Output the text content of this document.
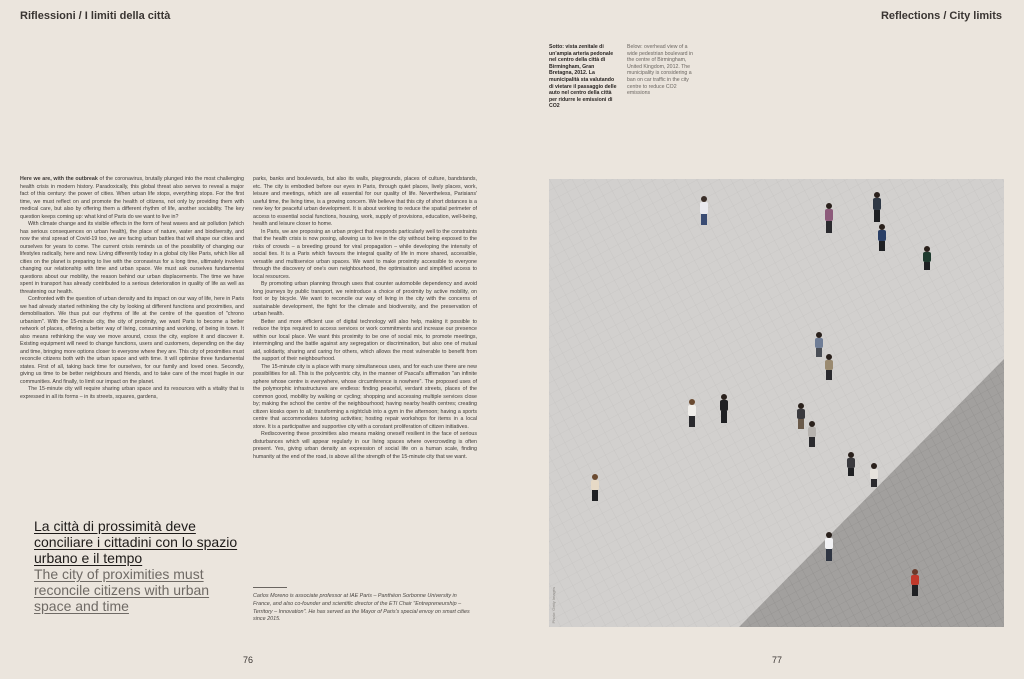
Riflessioni / I limiti della città	Reflections / City limits
Sotto: vista zenitale di un'ampia arteria pedonale nel centro della città di Birmingham, Gran Bretagna, 2012. La municipalità sta valutando di vietare il passaggio delle auto nel centro della città per ridurre le emissioni di CO2
Below: overhead view of a wide pedestrian boulevard in the centre of Birmingham, United Kingdom, 2012. The municipality is considering a ban on car traffic in the city centre to reduce CO2 emissions

Here we are, with the outbreak of the coronavirus, brutally plunged into the most challenging health crisis in modern history. Paradoxically, this global threat also serves to reveal a major fact of this century: the power of cities. When urban life stops, everything stops. For the first time, we must reflect on and promote the health of citizens, not only by providing them with medical care, but also by offering them a different rhythm of life, another sociability. The key question keeps coming up: what kind of Paris do we want to live in?

With climate change and its visible effects in the form of heat waves and air pollution (which has serious consequences on urban health), the place of nature, water and biodiversity, and now the viral spread of Covid-19 too, we are facing urban battles that will shape our cities and ourselves for years to come. The current crisis reminds us of the possibility of changing our lifestyles radically, here and now. Living differently today in a global city like Paris, which like all cities on the planet is preparing to live with the coronavirus for a long time, ultimately involves changing our relationship with time and urban space. We must ask ourselves fundamental questions about our mobility, the reason behind our urban displacements. The time we have spent in transport has already contributed to a serious deterioration in quality of life as well as threatening our health.

Confronted with the question of urban density and its impact on our way of life, here in Paris we had already started rethinking the city by looking at different functions and proximities, and demobilisation. We thus put our rhythms of life at the centre of the question of "chrono urbanism". With the 15-minute city, the city of proximity, we want Paris to become a better network of places, offering a better way of living, consuming and working, of being in town. It also means rethinking the way we move around, cross the city, explore it and discover it. Existing equipment will need to change functions, users and customers, depending on the day and time, bringing more options closer to everyone where they are. This city of proximities must reconcile citizens both with the urban space and with time. It will optimise three fundamental states. First of all, taking back time for ourselves, for our family and loved ones. Secondly, giving us time to be better neighbours and friends, and to take care of the most fragile in our communities. And finally, to limit our impact on the planet.

The 15-minute city will require sharing urban space and its resources with a vitality that is expressed in all its forms – in its streets, squares, gardens,

parks, banks and boulevards, but also its walls, playgrounds, places of culture, bandstands, etc. The city is embodied before our eyes in Paris, through quiet places, lively places, work, leisure and meetings, which are all essential for our quality of life. Nevertheless, Parisians' useful time, the living time, is a growing concern. We believe that this city of short distances is a new key for peaceful urban development. It is about working to reduce the spatial perimeter of access to essential social functions, housing, work, supply of provisions, education, well-being, health and leisure closer to home.

In Paris, we are proposing an urban project that responds particularly well to the constraints that the health crisis is now posing, allowing us to live in the city without being exposed to the risks of crowds – a breeding ground for viral propagation – while developing the intensity of social ties. It is a Paris which favours the integral quality of life in more shared, accessible, versatile and multiservice urban spaces. We want to make proximity accessible to everyone through the discovery of one's own neighbourhood, the optimisation and simplified access to local resources.

By promoting urban planning through uses that counter automobile dependency and avoid long journeys by public transport, we reintroduce a choice of proximity by active mobility, on foot or by bicycle. We want to reconcile our way of living in the city with the concerns of sustainable development, the fight for the climate and biodiversity, and the preservation of urban health.

Better and more efficient use of digital technology will also help, making it possible to reduce the trips required to access services or work commitments and increase our presence within our local place. We want this proximity to be one of social mix, to promote meetings, intermingling and the battle against any segregation or discrimination, but also one of mutual aid, solidarity, sharing and caring for others, which allows the most vulnerable to benefit from the support of their neighbourhood.

The 15-minute city is a place with many simultaneous uses, and for each use there are new possibilities for all. This is the polycentric city, in the manner of Pascal's affirmation "an infinite sphere whose centre is everywhere, whose circumference is nowhere". The proposed uses of the polymorphic infrastructures are endless: finding peaceful, verdant streets, places of the common good, mobility by walking or cycling; shopping and accessing multiple services close by; making the school the centre of the neighbourhood; having nearby health centres; creating citizen kiosks open to all; transforming a nightclub into a gym in the afternoon; having a sports centre that accommodates tutoring activities; hosting repair workshops for items in a local store. It is a participative and supportive city with a constant proliferation of citizen initiatives.

Rediscovering these proximities also means making oneself resilient in the face of serious disturbances which will appear regularly in our living spaces where overcrowding is often present. Yes, giving urban density an expression of social life on a human scale, finding humanity at the end of the road, is above all the strength of the 15-minute city that we want.

La città di prossimità deve conciliare i cittadini con lo spazio urbano e il tempo
The city of proximities must reconcile citizens with urban space and time
Carlos Moreno is associate professor at IAE Paris – Panthéon Sorbonne University in France, and also co-founder and scientific director of the ETI Chair "Entrepreneurship – Territory – Innovation". He has served as the Mayor of Paris's special envoy on smart cities since 2015.
76	77
Photo: Getty Images
